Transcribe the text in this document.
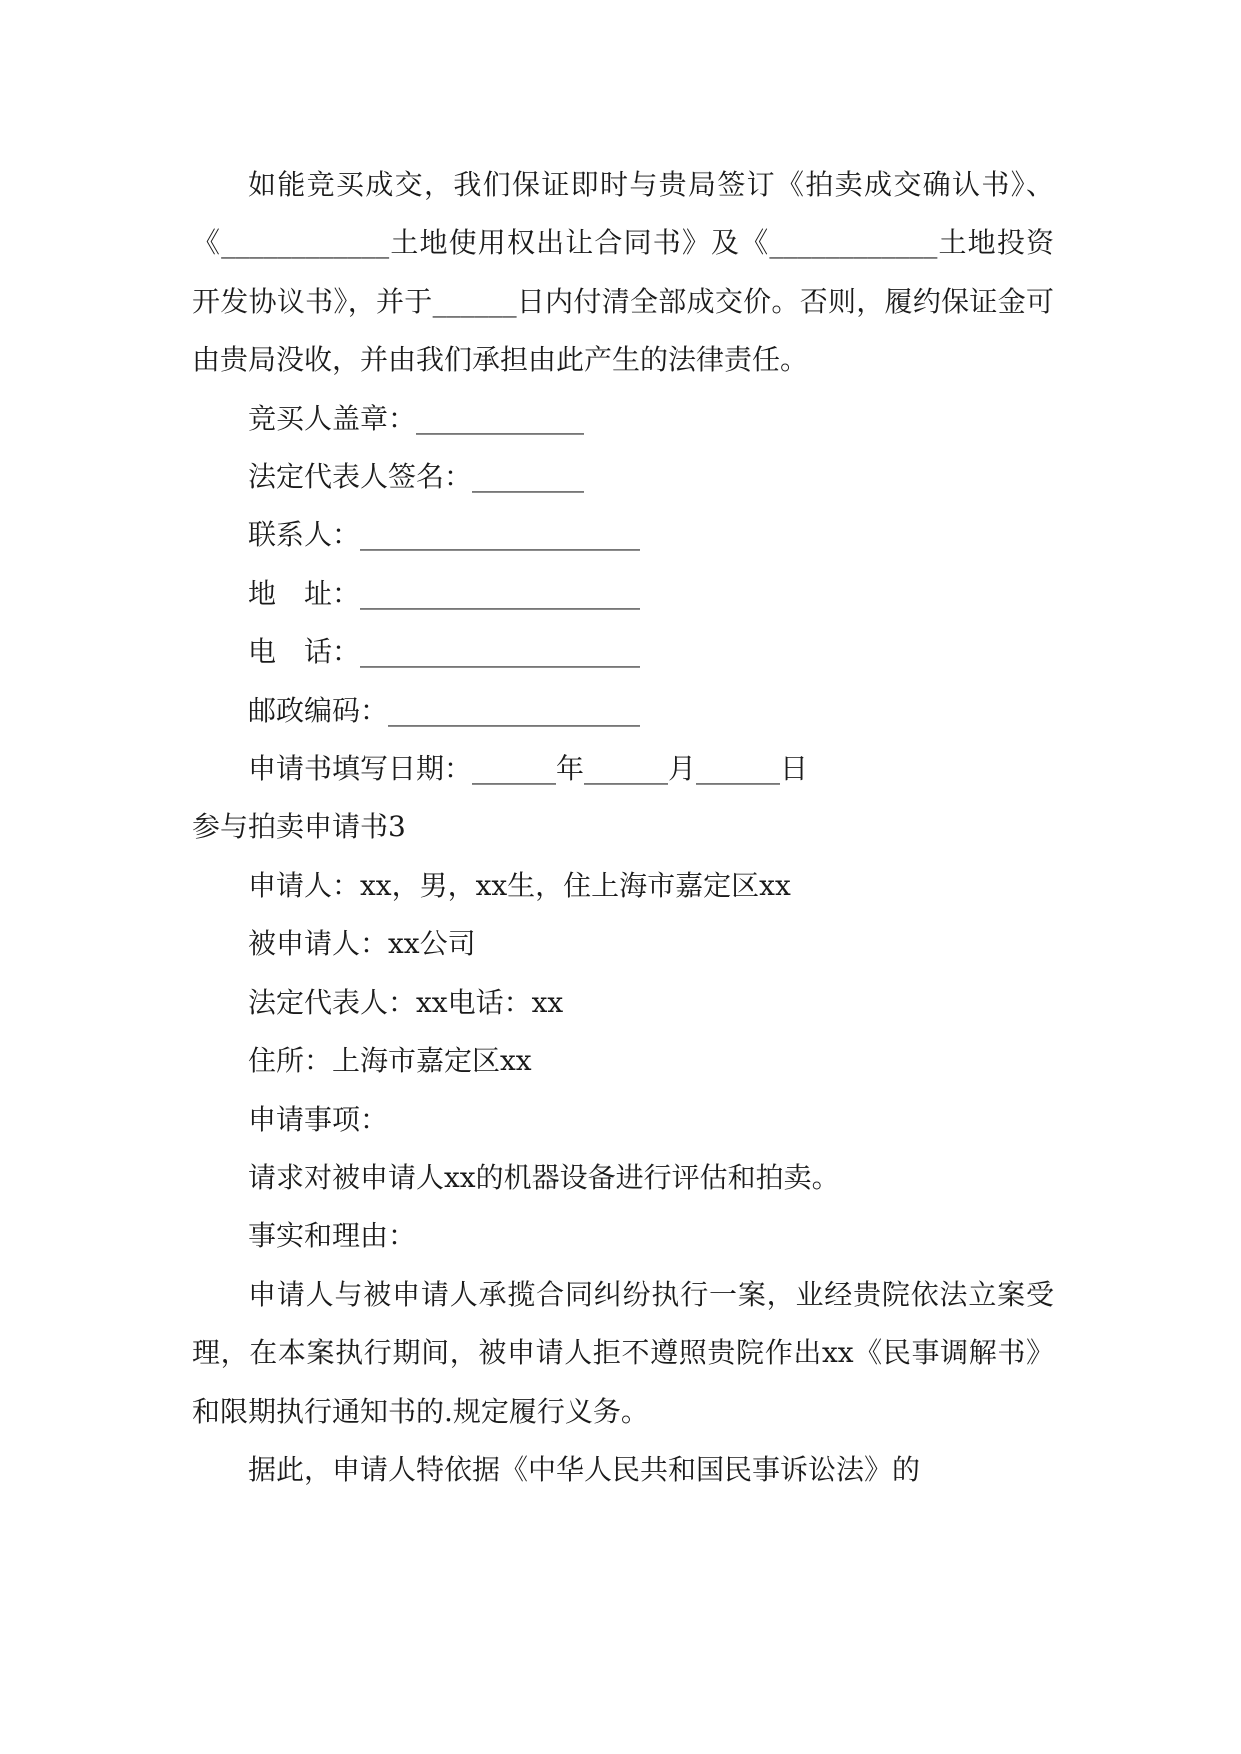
如能竞买成交，我们保证即时与贵局签订《拍卖成交确认书》、《____________土地使用权出让合同书》及《____________土地投资开发协议书》，并于______日内付清全部成交价。否则，履约保证金可由贵局没收，并由我们承担由此产生的法律责任。

竞买人盖章：____________

法定代表人签名：________

联系人：____________________

地　址：____________________

电　话：____________________

邮政编码：__________________

申请书填写日期：______年______月______日

参与拍卖申请书3

申请人：xx，男，xx生，住上海市嘉定区xx

被申请人：xx公司

法定代表人：xx电话：xx

住所：上海市嘉定区xx

申请事项：

请求对被申请人xx的机器设备进行评估和拍卖。

事实和理由：

申请人与被申请人承揽合同纠纷执行一案，业经贵院依法立案受理，在本案执行期间，被申请人拒不遵照贵院作出xx《民事调解书》和限期执行通知书的.规定履行义务。

据此，申请人特依据《中华人民共和国民事诉讼法》的
